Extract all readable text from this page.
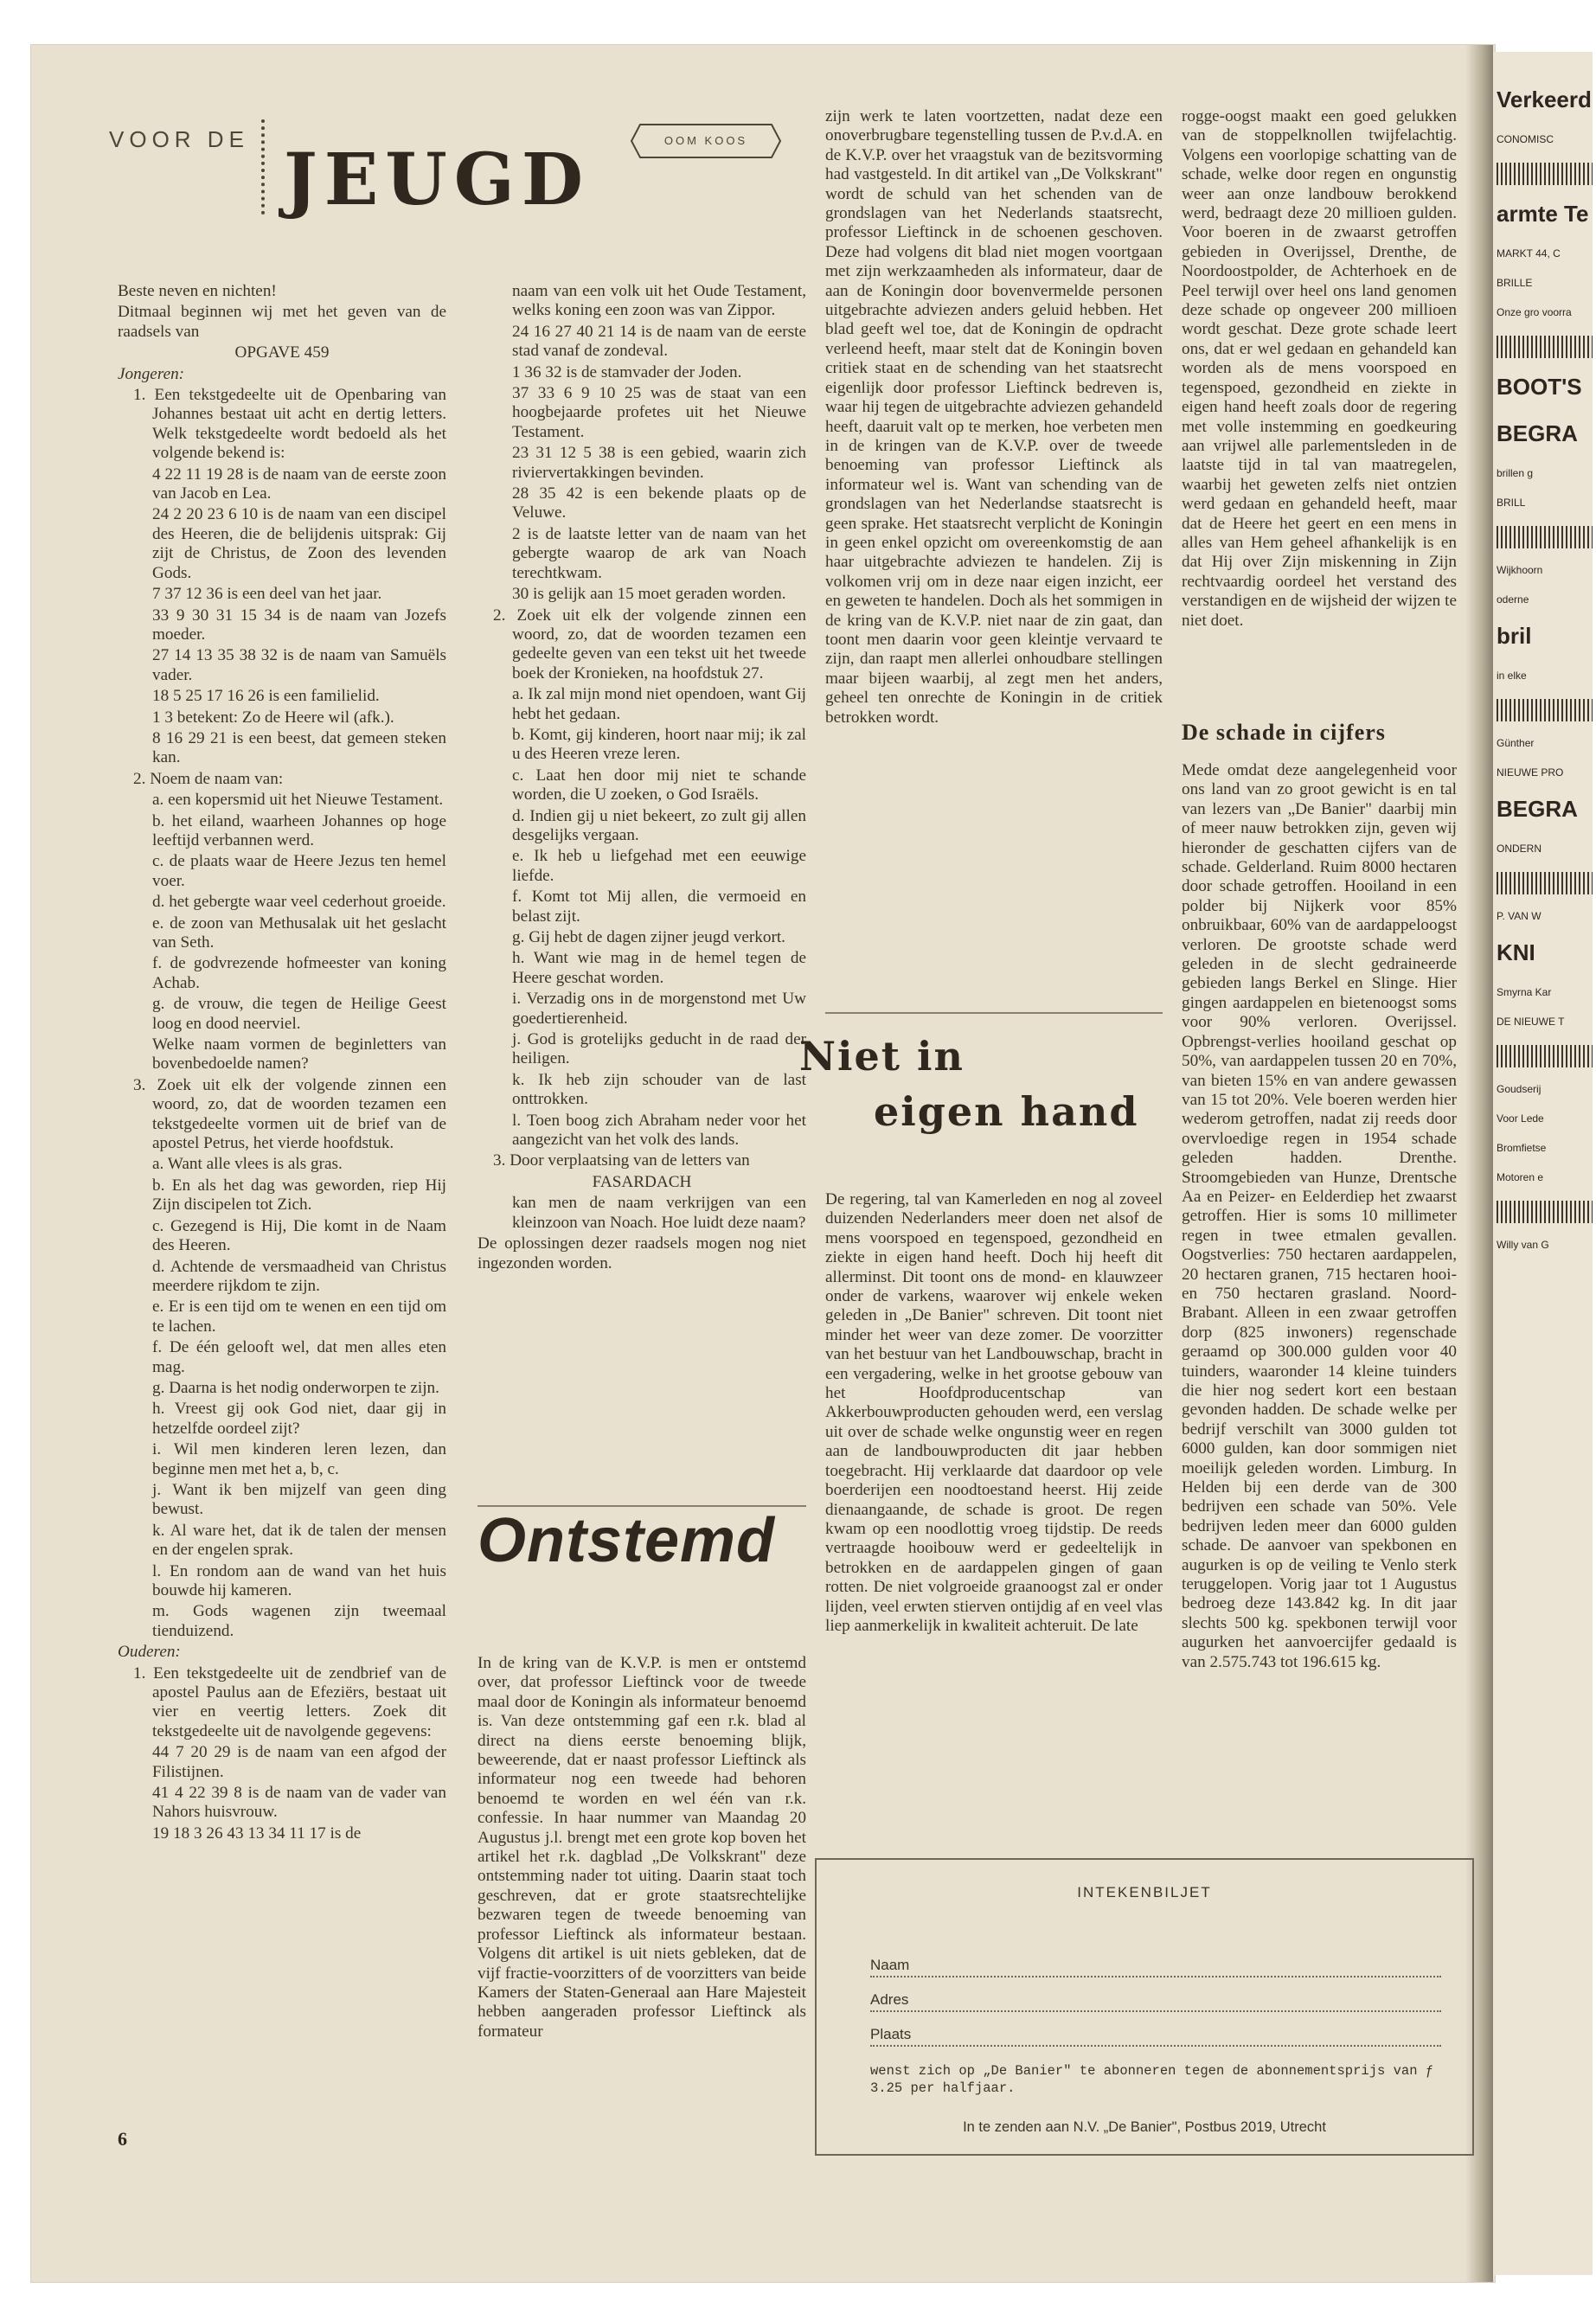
VOOR DE JEUGD	OOM KOOS

Beste neven en nichten!

Ditmaal beginnen wij met het geven van de raadsels van

OPGAVE 459

Jongeren:

1. Een tekstgedeelte uit de Openbaring van Johannes bestaat uit acht en dertig letters. Welk tekstgedeelte wordt bedoeld als het volgende bekend is:

4 22 11 19 28 is de naam van de eerste zoon van Jacob en Lea.

24 2 20 23 6 10 is de naam van een discipel des Heeren, die de belijdenis uitsprak: Gij zijt de Christus, de Zoon des levenden Gods.

7 37 12 36 is een deel van het jaar.

33 9 30 31 15 34 is de naam van Jozefs moeder.

27 14 13 35 38 32 is de naam van Samuëls vader.

18 5 25 17 16 26 is een familielid.

1 3 betekent: Zo de Heere wil (afk.).

8 16 29 21 is een beest, dat gemeen steken kan.

2. Noem de naam van:

a. een kopersmid uit het Nieuwe Testament.

b. het eiland, waarheen Johannes op hoge leeftijd verbannen werd.

c. de plaats waar de Heere Jezus ten hemel voer.

d. het gebergte waar veel cederhout groeide.

e. de zoon van Methusalak uit het geslacht van Seth.

f. de godvrezende hofmeester van koning Achab.

g. de vrouw, die tegen de Heilige Geest loog en dood neerviel.

Welke naam vormen de beginletters van bovenbedoelde namen?

3. Zoek uit elk der volgende zinnen een woord, zo, dat de woorden tezamen een tekstgedeelte vormen uit de brief van de apostel Petrus, het vierde hoofdstuk.

a. Want alle vlees is als gras.

b. En als het dag was geworden, riep Hij Zijn discipelen tot Zich.

c. Gezegend is Hij, Die komt in de Naam des Heeren.

d. Achtende de versmaadheid van Christus meerdere rijkdom te zijn.

e. Er is een tijd om te wenen en een tijd om te lachen.

f. De één gelooft wel, dat men alles eten mag.

g. Daarna is het nodig onderworpen te zijn.

h. Vreest gij ook God niet, daar gij in hetzelfde oordeel zijt?

i. Wil men kinderen leren lezen, dan beginne men met het a, b, c.

j. Want ik ben mijzelf van geen ding bewust.

k. Al ware het, dat ik de talen der mensen en der engelen sprak.

l. En rondom aan de wand van het huis bouwde hij kameren.

m. Gods wagenen zijn tweemaal tienduizend.

Ouderen:

1. Een tekstgedeelte uit de zendbrief van de apostel Paulus aan de Efeziërs, bestaat uit vier en veertig letters. Zoek dit tekstgedeelte uit de navolgende gegevens:

44 7 20 29 is de naam van een afgod der Filistijnen.

41 4 22 39 8 is de naam van de vader van Nahors huisvrouw.

19 18 3 26 43 13 34 11 17 is de

naam van een volk uit het Oude Testament, welks koning een zoon was van Zippor.

24 16 27 40 21 14 is de naam van de eerste stad vanaf de zondeval.

1 36 32 is de stamvader der Joden.

37 33 6 9 10 25 was de staat van een hoogbejaarde profetes uit het Nieuwe Testament.

23 31 12 5 38 is een gebied, waarin zich riviervertakkingen bevinden.

28 35 42 is een bekende plaats op de Veluwe.

2 is de laatste letter van de naam van het gebergte waarop de ark van Noach terechtkwam.

30 is gelijk aan 15 moet geraden worden.

2. Zoek uit elk der volgende zinnen een woord, zo, dat de woorden tezamen een gedeelte geven van een tekst uit het tweede boek der Kronieken, na hoofdstuk 27.

a. Ik zal mijn mond niet opendoen, want Gij hebt het gedaan.

b. Komt, gij kinderen, hoort naar mij; ik zal u des Heeren vreze leren.

c. Laat hen door mij niet te schande worden, die U zoeken, o God Israëls.

d. Indien gij u niet bekeert, zo zult gij allen desgelijks vergaan.

e. Ik heb u liefgehad met een eeuwige liefde.

f. Komt tot Mij allen, die vermoeid en belast zijt.

g. Gij hebt de dagen zijner jeugd verkort.

h. Want wie mag in de hemel tegen de Heere geschat worden.

i. Verzadig ons in de morgenstond met Uw goedertierenheid.

j. God is grotelijks geducht in de raad der heiligen.

k. Ik heb zijn schouder van de last onttrokken.

l. Toen boog zich Abraham neder voor het aangezicht van het volk des lands.

3. Door verplaatsing van de letters van

FASARDACH

kan men de naam verkrijgen van een kleinzoon van Noach. Hoe luidt deze naam?

De oplossingen dezer raadsels mogen nog niet ingezonden worden.

Ontstemd

In de kring van de K.V.P. is men er ontstemd over, dat professor Lieftinck voor de tweede maal door de Koningin als informateur benoemd is. Van deze ontstemming gaf een r.k. blad al direct na diens eerste benoeming blijk, beweerende, dat er naast professor Lieftinck als informateur nog een tweede had behoren benoemd te worden en wel één van r.k. confessie. In haar nummer van Maandag 20 Augustus j.l. brengt met een grote kop boven het artikel het r.k. dagblad „De Volkskrant" deze ontstemming nader tot uiting. Daarin staat toch geschreven, dat er grote staatsrechtelijke bezwaren tegen de tweede benoeming van professor Lieftinck als informateur bestaan. Volgens dit artikel is uit niets gebleken, dat de vijf fractie-voorzitters of de voorzitters van beide Kamers der Staten-Generaal aan Hare Majesteit hebben aangeraden professor Lieftinck als formateur

zijn werk te laten voortzetten, nadat deze een onoverbrugbare tegenstelling tussen de P.v.d.A. en de K.V.P. over het vraagstuk van de bezitsvorming had vastgesteld. In dit artikel van „De Volkskrant" wordt de schuld van het schenden van de grondslagen van het Nederlands staatsrecht, professor Lieftinck in de schoenen geschoven. Deze had volgens dit blad niet mogen voortgaan met zijn werkzaamheden als informateur, daar de aan de Koningin door bovenvermelde personen uitgebrachte adviezen anders geluid hebben. Het blad geeft wel toe, dat de Koningin de opdracht verleend heeft, maar stelt dat de Koningin boven critiek staat en de schending van het staatsrecht eigenlijk door professor Lieftinck bedreven is, waar hij tegen de uitgebrachte adviezen gehandeld heeft, daaruit valt op te merken, hoe verbeten men in de kringen van de K.V.P. over de tweede benoeming van professor Lieftinck als informateur wel is. Want van schending van de grondslagen van het Nederlandse staatsrecht is geen sprake. Het staatsrecht verplicht de Koningin in geen enkel opzicht om overeenkomstig de aan haar uitgebrachte adviezen te handelen. Zij is volkomen vrij om in deze naar eigen inzicht, eer en geweten te handelen. Doch als het sommigen in de kring van de K.V.P. niet naar de zin gaat, dan toont men daarin voor geen kleintje vervaard te zijn, dan raapt men allerlei onhoudbare stellingen maar bijeen waarbij, al zegt men het anders, geheel ten onrechte de Koningin in de critiek betrokken wordt.

Niet in
eigen hand

De regering, tal van Kamerleden en nog al zoveel duizenden Nederlanders meer doen net alsof de mens voorspoed en tegenspoed, gezondheid en ziekte in eigen hand heeft. Doch hij heeft dit allerminst. Dit toont ons de mond- en klauwzeer onder de varkens, waarover wij enkele weken geleden in „De Banier" schreven. Dit toont niet minder het weer van deze zomer. De voorzitter van het bestuur van het Landbouwschap, bracht in een vergadering, welke in het grootse gebouw van het Hoofdproducentschap van Akkerbouwproducten gehouden werd, een verslag uit over de schade welke ongunstig weer en regen aan de landbouwproducten dit jaar hebben toegebracht. Hij verklaarde dat daardoor op vele boerderijen een noodtoestand heerst. Hij zeide dienaangaande, de schade is groot. De regen kwam op een noodlottig vroeg tijdstip. De reeds vertraagde hooibouw werd er gedeeltelijk in betrokken en de aardappelen gingen of gaan rotten. De niet volgroeide graanoogst zal er onder lijden, veel erwten stierven ontijdig af en veel vlas liep aanmerkelijk in kwaliteit achteruit. De late

rogge-oogst maakt een goed gelukken van de stoppelknollen twijfelachtig. Volgens een voorlopige schatting van de schade, welke door regen en ongunstig weer aan onze landbouw berokkend werd, bedraagt deze 20 millioen gulden. Voor boeren in de zwaarst getroffen gebieden in Overijssel, Drenthe, de Noordoostpolder, de Achterhoek en de Peel terwijl over heel ons land genomen deze schade op ongeveer 200 millioen wordt geschat. Deze grote schade leert ons, dat er wel gedaan en gehandeld kan worden als de mens voorspoed en tegenspoed, gezondheid en ziekte in eigen hand heeft zoals door de regering met volle instemming en goedkeuring aan vrijwel alle parlementsleden in de laatste tijd in tal van maatregelen, waarbij het geweten zelfs niet ontzien werd gedaan en gehandeld heeft, maar dat de Heere het geert en een mens in alles van Hem geheel afhankelijk is en dat Hij over Zijn miskenning in Zijn rechtvaardig oordeel het verstand des verstandigen en de wijsheid der wijzen te niet doet.

De schade in cijfers

Mede omdat deze aangelegenheid voor ons land van zo groot gewicht is en tal van lezers van „De Banier" daarbij min of meer nauw betrokken zijn, geven wij hieronder de geschatten cijfers van de schade. Gelderland. Ruim 8000 hectaren door schade getroffen. Hooiland in een polder bij Nijkerk voor 85% onbruikbaar, 60% van de aardappeloogst verloren. De grootste schade werd geleden in de slecht gedraineerde gebieden langs Berkel en Slinge. Hier gingen aardappelen en bietenoogst soms voor 90% verloren. Overijssel. Opbrengst-verlies hooiland geschat op 50%, van aardappelen tussen 20 en 70%, van bieten 15% en van andere gewassen van 15 tot 20%. Vele boeren werden hier wederom getroffen, nadat zij reeds door overvloedige regen in 1954 schade geleden hadden. Drenthe. Stroomgebieden van Hunze, Drentsche Aa en Peizer- en Eelderdiep het zwaarst getroffen. Hier is soms 10 millimeter regen in twee etmalen gevallen. Oogstverlies: 750 hectaren aardappelen, 20 hectaren granen, 715 hectaren hooi- en 750 hectaren grasland. Noord-Brabant. Alleen in een zwaar getroffen dorp (825 inwoners) regenschade geraamd op 300.000 gulden voor 40 tuinders, waaronder 14 kleine tuinders die hier nog sedert kort een bestaan gevonden hadden. De schade welke per bedrijf verschilt van 3000 gulden tot 6000 gulden, kan door sommigen niet moeilijk geleden worden. Limburg. In Helden bij een derde van de 300 bedrijven een schade van 50%. Vele bedrijven leden meer dan 6000 gulden schade. De aanvoer van spekbonen en augurken is op de veiling te Venlo sterk teruggelopen. Vorig jaar tot 1 Augustus bedroeg deze 143.842 kg. In dit jaar slechts 500 kg. spekbonen terwijl voor augurken het aanvoercijfer gedaald is van 2.575.743 tot 196.615 kg.

INTEKENBILJET
Naam
Adres
Plaats
wenst zich op „De Banier" te abonneren tegen de abonnementsprijs van ƒ 3.25 per halfjaar.
In te zenden aan N.V. „De Banier", Postbus 2019, Utrecht
6
Verkeerd
CONOMISC
armte Te
MARKT 44, C
BRILLE
Onze gro voorra
BOOT'S
BEGRA
brillen g
BRILL
Wijkhoorn
oderne
bril
in elke
Günther
NIEUWE PRO
BEGRA
ONDERN
P. VAN W
KNI
Smyrna Kar
DE NIEUWE T
Goudserij
Voor Lede
Bromfietse
Motoren e
Willy van G
